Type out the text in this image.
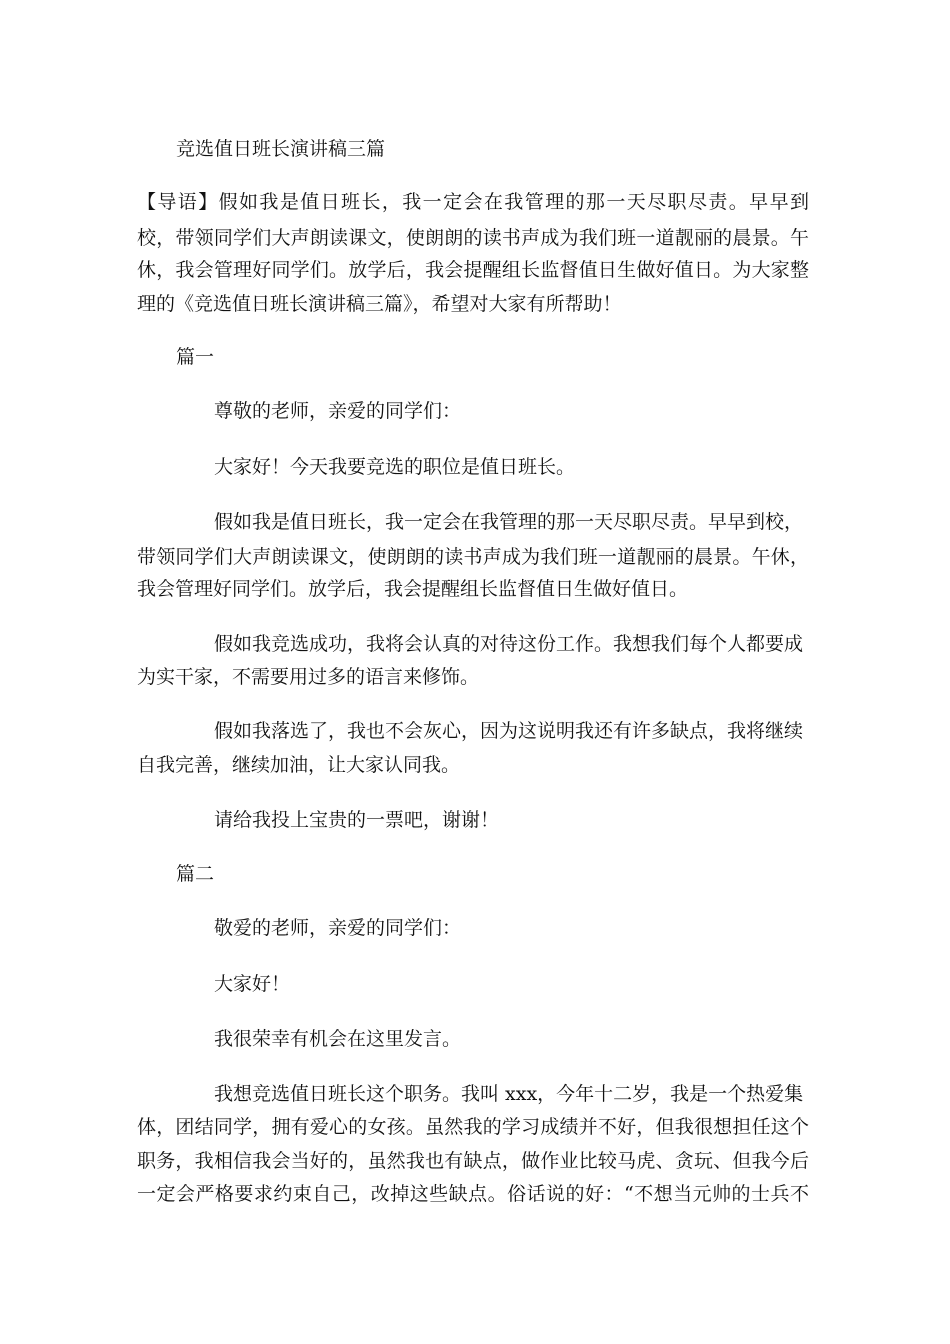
竞选值日班长演讲稿三篇

【导语】假如我是值日班长，我一定会在我管理的那一天尽职尽责。早早到

校，带领同学们大声朗读课文，使朗朗的读书声成为我们班一道靓丽的晨景。午

休，我会管理好同学们。放学后，我会提醒组长监督值日生做好值日。为大家整

理的《竞选值日班长演讲稿三篇》，希望对大家有所帮助！

篇一

尊敬的老师，亲爱的同学们：

大家好！今天我要竞选的职位是值日班长。

假如我是值日班长，我一定会在我管理的那一天尽职尽责。早早到校，

带领同学们大声朗读课文，使朗朗的读书声成为我们班一道靓丽的晨景。午休，

我会管理好同学们。放学后，我会提醒组长监督值日生做好值日。

假如我竞选成功，我将会认真的对待这份工作。我想我们每个人都要成

为实干家，不需要用过多的语言来修饰。

假如我落选了，我也不会灰心，因为这说明我还有许多缺点，我将继续

自我完善，继续加油，让大家认同我。

请给我投上宝贵的一票吧，谢谢！

篇二

敬爱的老师，亲爱的同学们：

大家好！

我很荣幸有机会在这里发言。

我想竞选值日班长这个职务。我叫 xxx，今年十二岁，我是一个热爱集

体，团结同学，拥有爱心的女孩。虽然我的学习成绩并不好，但我很想担任这个

职务，我相信我会当好的，虽然我也有缺点，做作业比较马虎、贪玩、但我今后

一定会严格要求约束自己，改掉这些缺点。俗话说的好：“不想当元帅的士兵不
